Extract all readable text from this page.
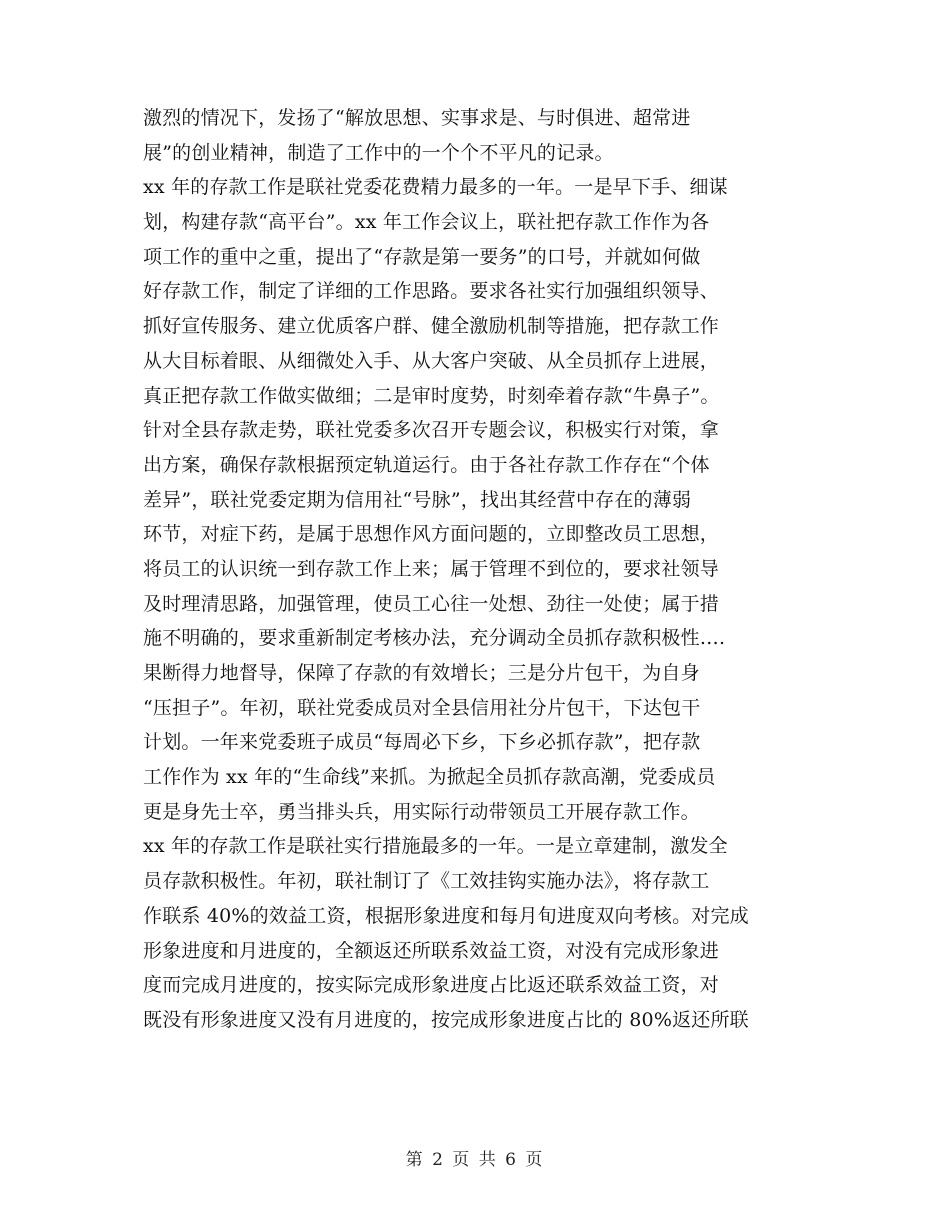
激烈的情况下，发扬了“解放思想、实事求是、与时俱进、超常进
展”的创业精神，制造了工作中的一个个不平凡的记录。
xx 年的存款工作是联社党委花费精力最多的一年。一是早下手、细谋
划，构建存款“高平台”。xx 年工作会议上，联社把存款工作作为各
项工作的重中之重，提出了“存款是第一要务”的口号，并就如何做
好存款工作，制定了详细的工作思路。要求各社实行加强组织领导、
抓好宣传服务、建立优质客户群、健全激励机制等措施，把存款工作
从大目标着眼、从细微处入手、从大客户突破、从全员抓存上进展，
真正把存款工作做实做细；二是审时度势，时刻牵着存款“牛鼻子”。
针对全县存款走势，联社党委多次召开专题会议，积极实行对策，拿
出方案，确保存款根据预定轨道运行。由于各社存款工作存在“个体
差异”，联社党委定期为信用社“号脉”，找出其经营中存在的薄弱
环节，对症下药，是属于思想作风方面问题的，立即整改员工思想，
将员工的认识统一到存款工作上来；属于管理不到位的，要求社领导
及时理清思路，加强管理，使员工心往一处想、劲往一处使；属于措
施不明确的，要求重新制定考核办法，充分调动全员抓存款积极性….
果断得力地督导，保障了存款的有效增长；三是分片包干，为自身
“压担子”。年初，联社党委成员对全县信用社分片包干，下达包干
计划。一年来党委班子成员“每周必下乡，下乡必抓存款”，把存款
工作作为 xx 年的“生命线”来抓。为掀起全员抓存款高潮，党委成员
更是身先士卒，勇当排头兵，用实际行动带领员工开展存款工作。
xx 年的存款工作是联社实行措施最多的一年。一是立章建制，激发全
员存款积极性。年初，联社制订了《工效挂钩实施办法》，将存款工
作联系 40%的效益工资，根据形象进度和每月旬进度双向考核。对完成
形象进度和月进度的，全额返还所联系效益工资，对没有完成形象进
度而完成月进度的，按实际完成形象进度占比返还联系效益工资，对
既没有形象进度又没有月进度的，按完成形象进度占比的 80%返还所联
第 2 页 共 6 页
